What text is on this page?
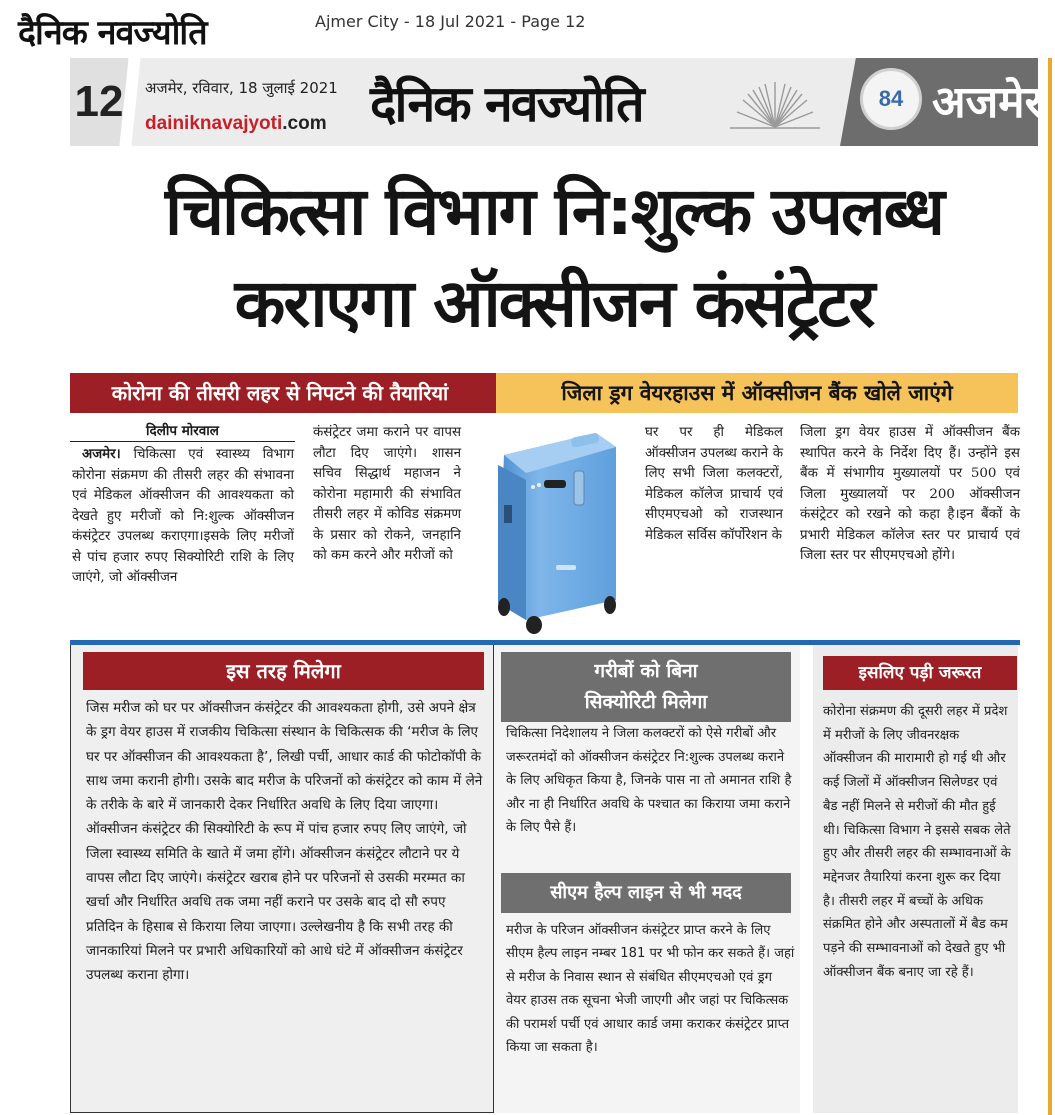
दैनिक नवज्योति	Ajmer City - 18 Jul 2021 - Page 12
12	अजमेर, रविवार, 18 जुलाई 2021
dainiknavajyoti.com दैनिक नवज्योति	84 अजमेर
चिकित्सा विभाग नि:शुल्क उपलब्ध
कराएगा ऑक्सीजन कंसंट्रेटर
कोरोना की तीसरी लहर से निपटने की तैयारियां	जिला ड्रग वेयरहाउस में ऑक्सीजन बैंक खोले जाएंगे
दिलीप मोरवाल
अजमेर। चिकित्सा एवं स्वास्थ्य विभाग कोरोना संक्रमण की तीसरी लहर की संभावना एवं मेडिकल ऑक्सीजन की आवश्यकता को देखते हुए मरीजों को नि:शुल्क ऑक्सीजन कंसंट्रेटर उपलब्ध कराएगा।इसके लिए मरीजों से पांच हजार रुपए सिक्योरिटी राशि के लिए जाएंगे, जो ऑक्सीजन
कंसंट्रेटर जमा कराने पर वापस लौटा दिए जाएंगे। शासन सचिव सिद्धार्थ महाजन ने कोरोना महामारी की संभावित तीसरी लहर में कोविड संक्रमण के प्रसार को रोकने, जनहानि को कम करने और मरीजों को
घर पर ही मेडिकल ऑक्सीजन उपलब्ध कराने के लिए सभी जिला कलक्टरों, मेडिकल कॉलेज प्राचार्य एवं सीएमएचओ को राजस्थान मेडिकल सर्विस कॉर्पोरेशन के
जिला ड्रग वेयर हाउस में ऑक्सीजन बैंक स्थापित करने के निर्देश दिए हैं। उन्होंने इस बैंक में संभागीय मुख्यालयों पर 500 एवं जिला मुख्यालयों पर 200 ऑक्सीजन कंसंट्रेटर को रखने को कहा है।इन बैंकों के प्रभारी मेडिकल कॉलेज स्तर पर प्राचार्य एवं जिला स्तर पर सीएमएचओ होंगे।
इस तरह मिलेगा
जिस मरीज को घर पर ऑक्सीजन कंसंट्रेटर की आवश्यकता होगी, उसे अपने क्षेत्र के ड्रग वेयर हाउस में राजकीय चिकित्सा संस्थान के चिकित्सक की ‘मरीज के लिए घर पर ऑक्सीजन की आवश्यकता है’, लिखी पर्ची, आधार कार्ड की फोटोकॉपी के साथ जमा करानी होगी। उसके बाद मरीज के परिजनों को कंसंट्रेटर को काम में लेने के तरीके के बारे में जानकारी देकर निर्धारित अवधि के लिए दिया जाएगा। ऑक्सीजन कंसंट्रेटर की सिक्योरिटी के रूप में पांच हजार रुपए लिए जाएंगे, जो जिला स्वास्थ्य समिति के खाते में जमा होंगे। ऑक्सीजन कंसंट्रेटर लौटाने पर ये वापस लौटा दिए जाएंगे। कंसंट्रेटर खराब होने पर परिजनों से उसकी मरम्मत का खर्चा और निर्धारित अवधि तक जमा नहीं कराने पर उसके बाद दो सौ रुपए प्रतिदिन के हिसाब से किराया लिया जाएगा। उल्लेखनीय है कि सभी तरह की जानकारियां मिलने पर प्रभारी अधिकारियों को आधे घंटे में ऑक्सीजन कंसंट्रेटर उपलब्ध कराना होगा।
गरीबों को बिना
सिक्योरिटी मिलेगा
चिकित्सा निदेशालय ने जिला कलक्टरों को ऐसे गरीबों और जरूरतमंदों को ऑक्सीजन कंसंट्रेटर नि:शुल्क उपलब्ध कराने के लिए अधिकृत किया है, जिनके पास ना तो अमानत राशि है और ना ही निर्धारित अवधि के पश्चात का किराया जमा कराने के लिए पैसे हैं।
सीएम हैल्प लाइन से भी मदद
मरीज के परिजन ऑक्सीजन कंसंट्रेटर प्राप्त करने के लिए सीएम हैल्प लाइन नम्बर 181 पर भी फोन कर सकते हैं। जहां से मरीज के निवास स्थान से संबंधित सीएमएचओ एवं ड्रग वेयर हाउस तक सूचना भेजी जाएगी और जहां पर चिकित्सक की परामर्श पर्ची एवं आधार कार्ड जमा कराकर कंसंट्रेटर प्राप्त किया जा सकता है।
इसलिए पड़ी जरूरत
कोरोना संक्रमण की दूसरी लहर में प्रदेश में मरीजों के लिए जीवनरक्षक ऑक्सीजन की मारामारी हो गई थी और कई जिलों में ऑक्सीजन सिलेण्डर एवं बैड नहीं मिलने से मरीजों की मौत हुई थी। चिकित्सा विभाग ने इससे सबक लेते हुए और तीसरी लहर की सम्भावनाओं के मद्देनजर तैयारियां करना शुरू कर दिया है। तीसरी लहर में बच्चों के अधिक संक्रमित होने और अस्पतालों में बैड कम पड़ने की सम्भावनाओं को देखते हुए भी ऑक्सीजन बैंक बनाए जा रहे हैं।
